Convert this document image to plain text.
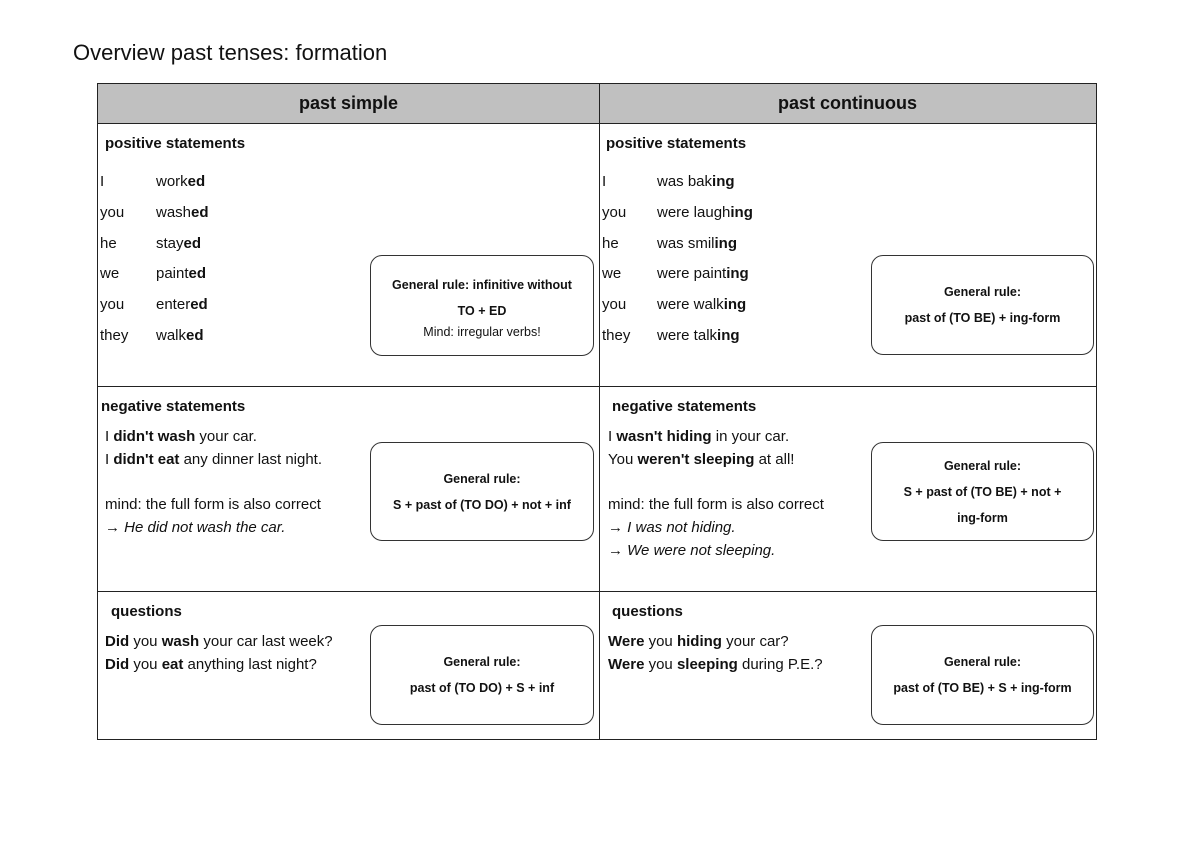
Overview past tenses: formation
past simple	past continuous
positive statements
I	worked
you washed
he	stayed
we painted
you entered
they walked
General rule: infinitive without
TO + ED
Mind: irregular verbs!
positive statements
I	was baking
you were laughing
he	was smiling
we were painting
you were walking
they were talking
General rule:
past of (TO BE) + ing-form
negative statements
I didn't wash your car.
I didn't eat any dinner last night.
mind: the full form is also correct
→ He did not wash the car.
General rule:
S + past of (TO DO) + not + inf
negative statements
I wasn't hiding in your car.
You weren't sleeping at all!
mind: the full form is also correct
→ I was not hiding.
→ We were not sleeping.
General rule:
S + past of (TO BE) + not +
ing-form
questions
Did you wash your car last week?
Did you eat anything last night?	General rule:
past of (TO DO) + S + inf
questions
Were you hiding your car?
Were you sleeping during P.E.?	General rule:
past of (TO BE) + S + ing-form
